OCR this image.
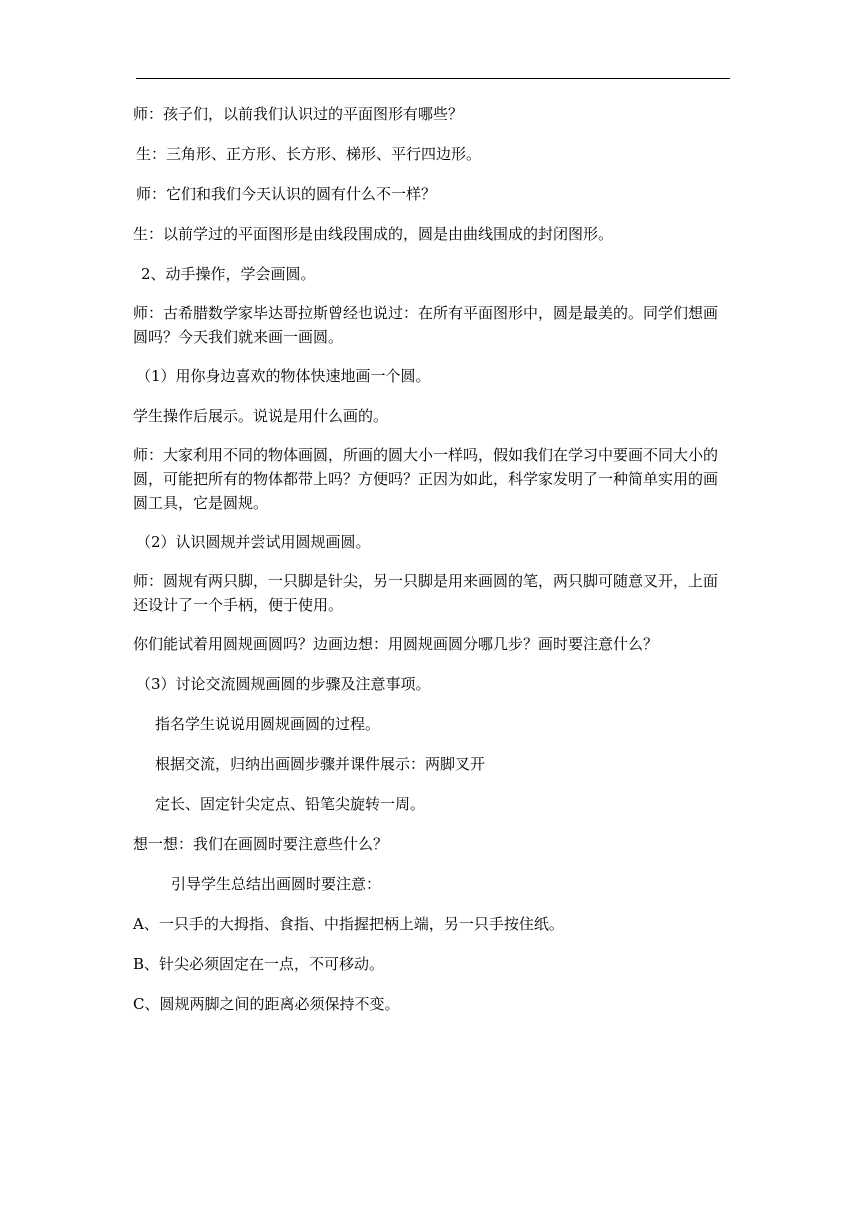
师：孩子们，以前我们认识过的平面图形有哪些？

生：三角形、正方形、长方形、梯形、平行四边形。

师：它们和我们今天认识的圆有什么不一样？

生：以前学过的平面图形是由线段围成的，圆是由曲线围成的封闭图形。

2、动手操作，学会画圆。

师：古希腊数学家毕达哥拉斯曾经也说过：在所有平面图形中，圆是最美的。同学们想画圆吗？今天我们就来画一画圆。

（1）用你身边喜欢的物体快速地画一个圆。

学生操作后展示。说说是用什么画的。

师：大家利用不同的物体画圆，所画的圆大小一样吗，假如我们在学习中要画不同大小的圆，可能把所有的物体都带上吗？方便吗？正因为如此，科学家发明了一种简单实用的画圆工具，它是圆规。

（2）认识圆规并尝试用圆规画圆。

师：圆规有两只脚，一只脚是针尖，另一只脚是用来画圆的笔，两只脚可随意叉开，上面还设计了一个手柄，便于使用。

你们能试着用圆规画圆吗？边画边想：用圆规画圆分哪几步？画时要注意什么？

（3）讨论交流圆规画圆的步骤及注意事项。

指名学生说说用圆规画圆的过程。

根据交流，归纳出画圆步骤并课件展示：两脚叉开

定长、固定针尖定点、铅笔尖旋转一周。

想一想：我们在画圆时要注意些什么？

引导学生总结出画圆时要注意：

A、一只手的大拇指、食指、中指握把柄上端，另一只手按住纸。

B、针尖必须固定在一点，不可移动。

C、圆规两脚之间的距离必须保持不变。
